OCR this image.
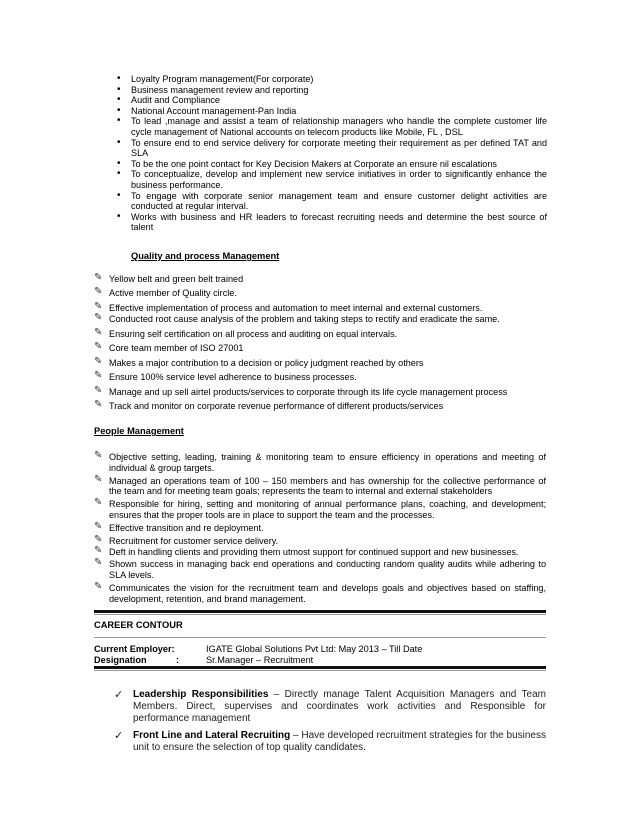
• Loyalty Program management(For corporate)
• Business management review and reporting
• Audit and Compliance
• National Account management-Pan India
• To lead ,manage and assist a team of relationship managers who handle the complete customer life cycle management of National accounts on telecom products like Mobile, FL , DSL
• To ensure end to end service delivery for corporate meeting their requirement as per defined TAT and SLA
• To be the one point contact for Key Decision Makers at Corporate an ensure nil escalations
• To conceptualize, develop and implement new service initiatives in order to significantly enhance the business performance.
• To engage with corporate senior management team and ensure customer delight activities are conducted at regular interval.
• Works with business and HR leaders to forecast recruiting needs and determine the best source of talent
Quality and process Management
✎ Yellow belt and green belt trained
✎ Active member of Quality circle.
✎ Effective implementation of process and automation to meet internal and external customers.
✎ Conducted root cause analysis of the problem and taking steps to rectify and eradicate the same.
✎ Ensuring self certification on all process and auditing on equal intervals.
✎ Core team member of ISO 27001
✎ Makes a major contribution to a decision or policy judgment reached by others
✎ Ensure 100% service level adherence to business processes.
✎ Manage and up sell airtel products/services to corporate through its life cycle management process
✎ Track and monitor on corporate revenue performance of different products/services
People Management
✎ Objective setting, leading, training & monitoring team to ensure efficiency in operations and meeting of individual & group targets.
✎ Managed an operations team of 100 – 150 members and has ownership for the collective performance of the team and for meeting team goals; represents the team to internal and external stakeholders
✎ Responsible for hiring, setting and monitoring of annual performance plans, coaching, and development; ensures that the proper tools are in place to support the team and the processes.
✎ Effective transition and re deployment.
✎ Recruitment for customer service delivery.
✎ Deft in handling clients and providing them utmost support for continued support and new businesses.
✎ Shown success in managing back end operations and conducting random quality audits while adhering to SLA levels.
✎ Communicates the vision for the recruitment team and develops goals and objectives based on staffing, development, retention, and brand management.
CAREER CONTOUR
Current Employer:	IGATE Global Solutions Pvt Ltd: May 2013 – Till Date
Designation	:	Sr.Manager – Recruitment
✓ Leadership Responsibilities – Directly manage Talent Acquisition Managers and Team Members. Direct, supervises and coordinates work activities and Responsible for performance management
✓ Front Line and Lateral Recruiting – Have developed recruitment strategies for the business unit to ensure the selection of top quality candidates.
